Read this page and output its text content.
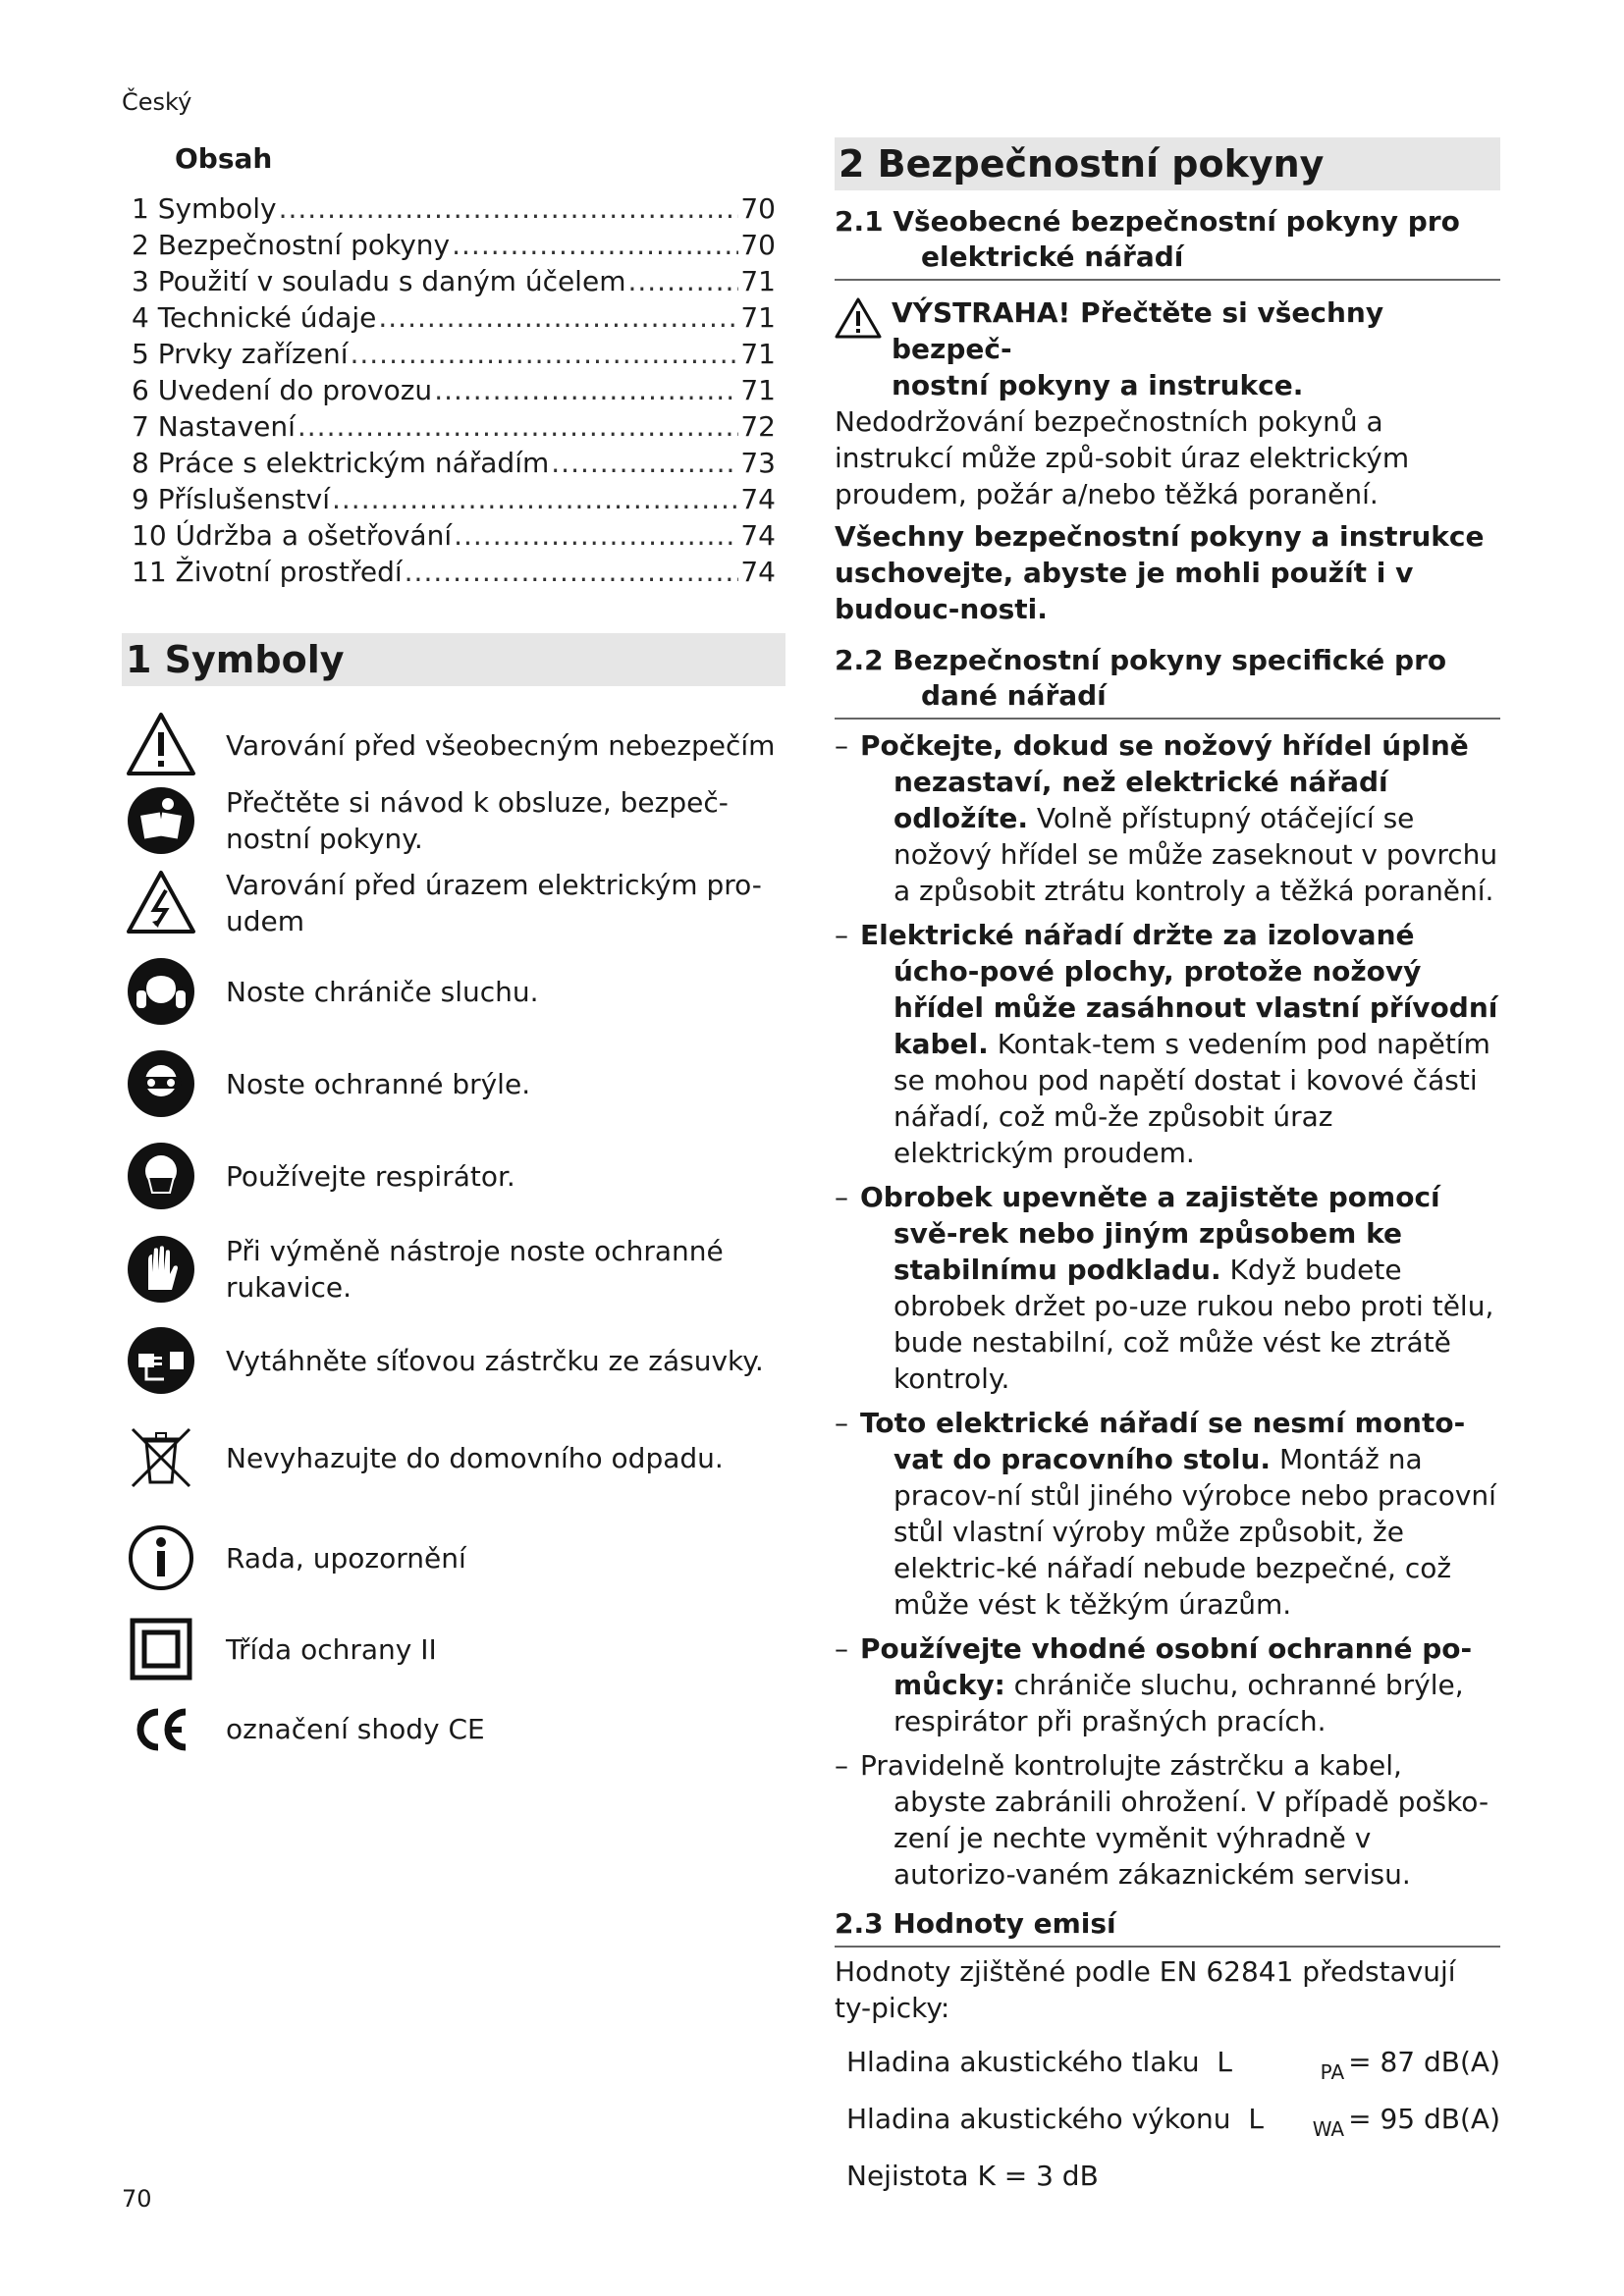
Český
Obsah
1 Symboly .....	70
2 Bezpečnostní pokyny .....	70
3 Použití v souladu s daným účelem .....	71
4 Technické údaje .....	71
5 Prvky zařízení .....	71
6 Uvedení do provozu .....	71
7 Nastavení .....	72
8 Práce s elektrickým nářadím .....	73
9 Příslušenství .....	74
10 Údržba a ošetřování .....	74
11 Životní prostředí .....	74
1 Symboly
Varování před všeobecným nebezpečím
Přečtěte si návod k obsluze, bezpeč-
nostní pokyny.
Varování před úrazem elektrickým pro-
udem
Noste chrániče sluchu.
Noste ochranné brýle.
Používejte respirátor.
Při výměně nástroje noste ochranné
rukavice.
Vytáhněte síťovou zástrčku ze zásuvky.
Nevyhazujte do domovního odpadu.
Rada, upozornění
Třída ochrany II
označení shody CE
2 Bezpečnostní pokyny
2.1 Všeobecné bezpečnostní pokyny pro
elektrické nářadí
VÝSTRAHA! Přečtěte si všechny bezpeč-
nostní pokyny a instrukce. Nedodržování bezpečnostních pokynů a instrukcí může způ-sobit úraz elektrickým proudem, požár a/nebo těžká poranění.
Všechny bezpečnostní pokyny a instrukce uschovejte, abyste je mohli použít i v budouc-nosti.
2.2 Bezpečnostní pokyny specifické pro
dané nářadí
– Počkejte, dokud se nožový hřídel úplně nezastaví, než elektrické nářadí odložíte. Volně přístupný otáčející se nožový hřídel se může zaseknout v povrchu a způsobit ztrátu kontroly a těžká poranění.
– Elektrické nářadí držte za izolované úcho-pové plochy, protože nožový hřídel může zasáhnout vlastní přívodní kabel. Kontak-tem s vedením pod napětím se mohou pod napětí dostat i kovové části nářadí, což mů-že způsobit úraz elektrickým proudem.
– Obrobek upevněte a zajistěte pomocí svě-rek nebo jiným způsobem ke stabilnímu podkladu. Když budete obrobek držet po-uze rukou nebo proti tělu, bude nestabilní, což může vést ke ztrátě kontroly.
– Toto elektrické nářadí se nesmí monto-vat do pracovního stolu. Montáž na pracov-ní stůl jiného výrobce nebo pracovní stůl vlastní výroby může způsobit, že elektric-ké nářadí nebude bezpečné, což může vést k těžkým úrazům.
– Používejte vhodné osobní ochranné po-můcky: chrániče sluchu, ochranné brýle, respirátor při prašných pracích.
– Pravidelně kontrolujte zástrčku a kabel, abyste zabránili ohrožení. V případě poško-zení je nechte vyměnit výhradně v autorizo-vaném zákaznickém servisu.
2.3 Hodnoty emisí
Hodnoty zjištěné podle EN 62841 představují ty-picky:
Hladina akustického tlaku  L	PA = 87 dB(A)
Hladina akustického výkonu  L WA = 95 dB(A)
Nejistota K = 3 dB
70
